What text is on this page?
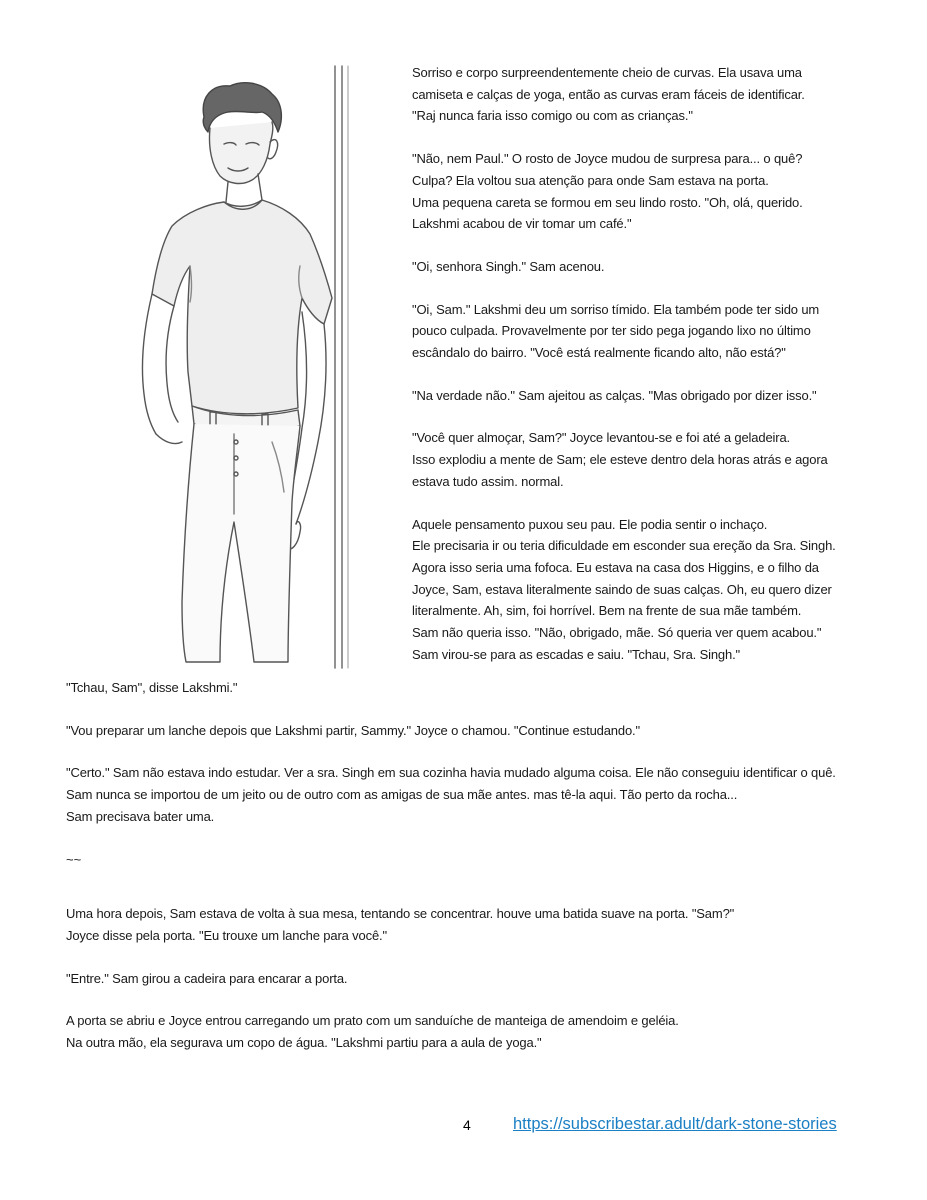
Sorriso e corpo surpreendentemente cheio de curvas. Ela usava uma
camiseta e calças de yoga, então as curvas eram fáceis de identificar.
"Raj nunca faria isso comigo ou com as crianças."

"Não, nem Paul." O rosto de Joyce mudou de surpresa para... o quê?
Culpa? Ela voltou sua atenção para onde Sam estava na porta.
Uma pequena careta se formou em seu lindo rosto. "Oh, olá, querido.
Lakshmi acabou de vir tomar um café."

"Oi, senhora Singh." Sam acenou.

"Oi, Sam." Lakshmi deu um sorriso tímido. Ela também pode ter sido um
pouco culpada. Provavelmente por ter sido pega jogando lixo no último
escândalo do bairro. "Você está realmente ficando alto, não está?"

"Na verdade não." Sam ajeitou as calças. "Mas obrigado por dizer isso."

"Você quer almoçar, Sam?" Joyce levantou-se e foi até a geladeira.
Isso explodiu a mente de Sam; ele esteve dentro dela horas atrás e agora
estava tudo assim. normal.

Aquele pensamento puxou seu pau. Ele podia sentir o inchaço.
Ele precisaria ir ou teria dificuldade em esconder sua ereção da Sra. Singh.
Agora isso seria uma fofoca. Eu estava na casa dos Higgins, e o filho da
Joyce, Sam, estava literalmente saindo de suas calças. Oh, eu quero dizer
literalmente. Ah, sim, foi horrível. Bem na frente de sua mãe também.
Sam não queria isso. "Não, obrigado, mãe. Só queria ver quem acabou."
Sam virou-se para as escadas e saiu. "Tchau, Sra. Singh."

"Tchau, Sam", disse Lakshmi."

"Vou preparar um lanche depois que Lakshmi partir, Sammy." Joyce o chamou. "Continue estudando."

"Certo." Sam não estava indo estudar. Ver a sra. Singh em sua cozinha havia mudado alguma coisa. Ele não conseguiu identificar o quê.
Sam nunca se importou de um jeito ou de outro com as amigas de sua mãe antes. mas tê-la aqui. Tão perto da rocha...
Sam precisava bater uma.

~~

Uma hora depois, Sam estava de volta à sua mesa, tentando se concentrar. houve uma batida suave na porta. "Sam?"
Joyce disse pela porta. "Eu trouxe um lanche para você."

"Entre." Sam girou a cadeira para encarar a porta.

A porta se abriu e Joyce entrou carregando um prato com um sanduíche de manteiga de amendoim e geléia.
Na outra mão, ela segurava um copo de água. "Lakshmi partiu para a aula de yoga."

4	https://subscribestar.adult/dark-stone-stories
